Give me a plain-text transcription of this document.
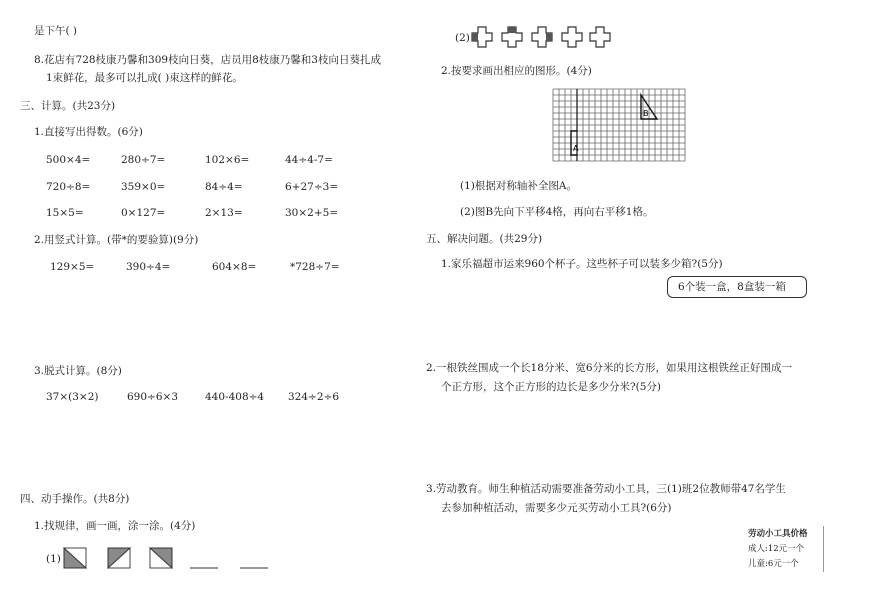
是下午( )
8.花店有728枝康乃馨和309枝向日葵，店员用8枝康乃馨和3枝向日葵扎成
1束鲜花，最多可以扎成( )束这样的鲜花。
三、计算。(共23分)
1.直接写出得数。(6分)
500×4=	280÷7=	102×6=	44÷4-7=
720÷8=	359×0=	84÷4=	6+27÷3=
15×5=	0×127=	2×13=	30×2+5=
2.用竖式计算。(带*的要验算)(9分)
129×5=	390÷4=	604×8=	*728÷7=
3.脱式计算。(8分)
37×(3×2)	690÷6×3	440-408÷4 324÷2÷6
四、动手操作。(共8分)
1.找规律，画一画，涂一涂。(4分)
(1)
(2)
2.按要求画出相应的图形。(4分)
A
B
(1)根据对称轴补全图A。
(2)图B先向下平移4格，再向右平移1格。
五、解决问题。(共29分)
1.家乐福超市运来960个杯子。这些杯子可以装多少箱?(5分)
6个装一盒，8盒装一箱
2.一根铁丝围成一个长18分米、宽6分米的长方形，如果用这根铁丝正好围成一
个正方形，这个正方形的边长是多少分米?(5分)
3.劳动教育。师生种植活动需要准备劳动小工具，三(1)班2位教师带47名学生
去参加种植活动，需要多少元买劳动小工具?(6分)
劳动小工具价格
成人:12元一个
儿童:6元一个
